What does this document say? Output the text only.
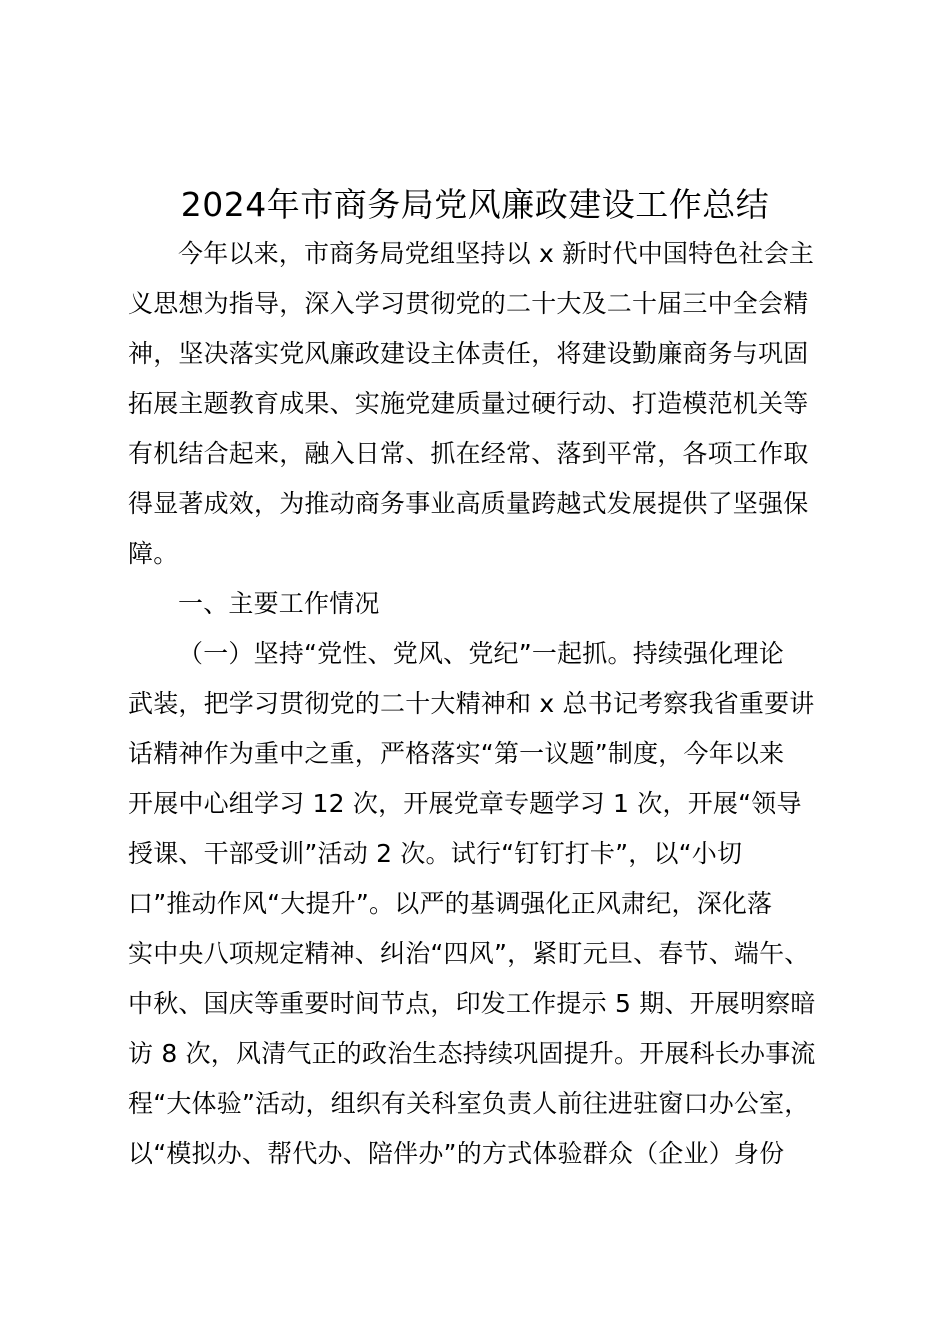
2024年市商务局党风廉政建设工作总结
今年以来，市商务局党组坚持以 x 新时代中国特色社会主
义思想为指导，深入学习贯彻党的二十大及二十届三中全会精
神，坚决落实党风廉政建设主体责任，将建设勤廉商务与巩固
拓展主题教育成果、实施党建质量过硬行动、打造模范机关等
有机结合起来，融入日常、抓在经常、落到平常，各项工作取
得显著成效，为推动商务事业高质量跨越式发展提供了坚强保
障。
一、主要工作情况
（一）坚持“党性、党风、党纪”一起抓。持续强化理论
武装，把学习贯彻党的二十大精神和 x 总书记考察我省重要讲
话精神作为重中之重，严格落实“第一议题”制度，今年以来
开展中心组学习 12 次，开展党章专题学习 1 次，开展“领导
授课、干部受训”活动 2 次。试行“钉钉打卡”，以“小切
口”推动作风“大提升”。以严的基调强化正风肃纪，深化落
实中央八项规定精神、纠治“四风”，紧盯元旦、春节、端午、
中秋、国庆等重要时间节点，印发工作提示 5 期、开展明察暗
访 8 次，风清气正的政治生态持续巩固提升。开展科长办事流
程“大体验”活动，组织有关科室负责人前往进驻窗口办公室，
以“模拟办、帮代办、陪伴办”的方式体验群众（企业）身份
